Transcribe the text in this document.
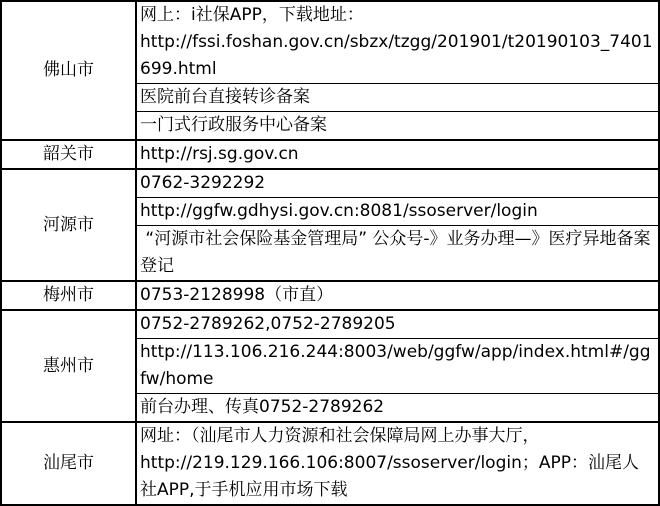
佛山市	网上：i社保APP，下载地址：http://fssi.foshan.gov.cn/sbzx/tzgg/201901/t20190103_7401699.html
	医院前台直接转诊备案
	一门式行政服务中心备案
韶关市	http://rsj.sg.gov.cn
河源市	0762-3292292
	http://ggfw.gdhysi.gov.cn:8081/ssoserver/login
	“河源市社会保险基金管理局” 公众号-》业务办理—》医疗异地备案登记
梅州市	0753-2128998（市直）
惠州市	0752-2789262,0752-2789205
	http://113.106.216.244:8003/web/ggfw/app/index.html#/ggfw/home
	前台办理、传真0752-2789262
汕尾市	网址：（汕尾市人力资源和社会保障局网上办事大厅，http://219.129.166.106:8007/ssoserver/login；APP：汕尾人社APP,于手机应用市场下载
